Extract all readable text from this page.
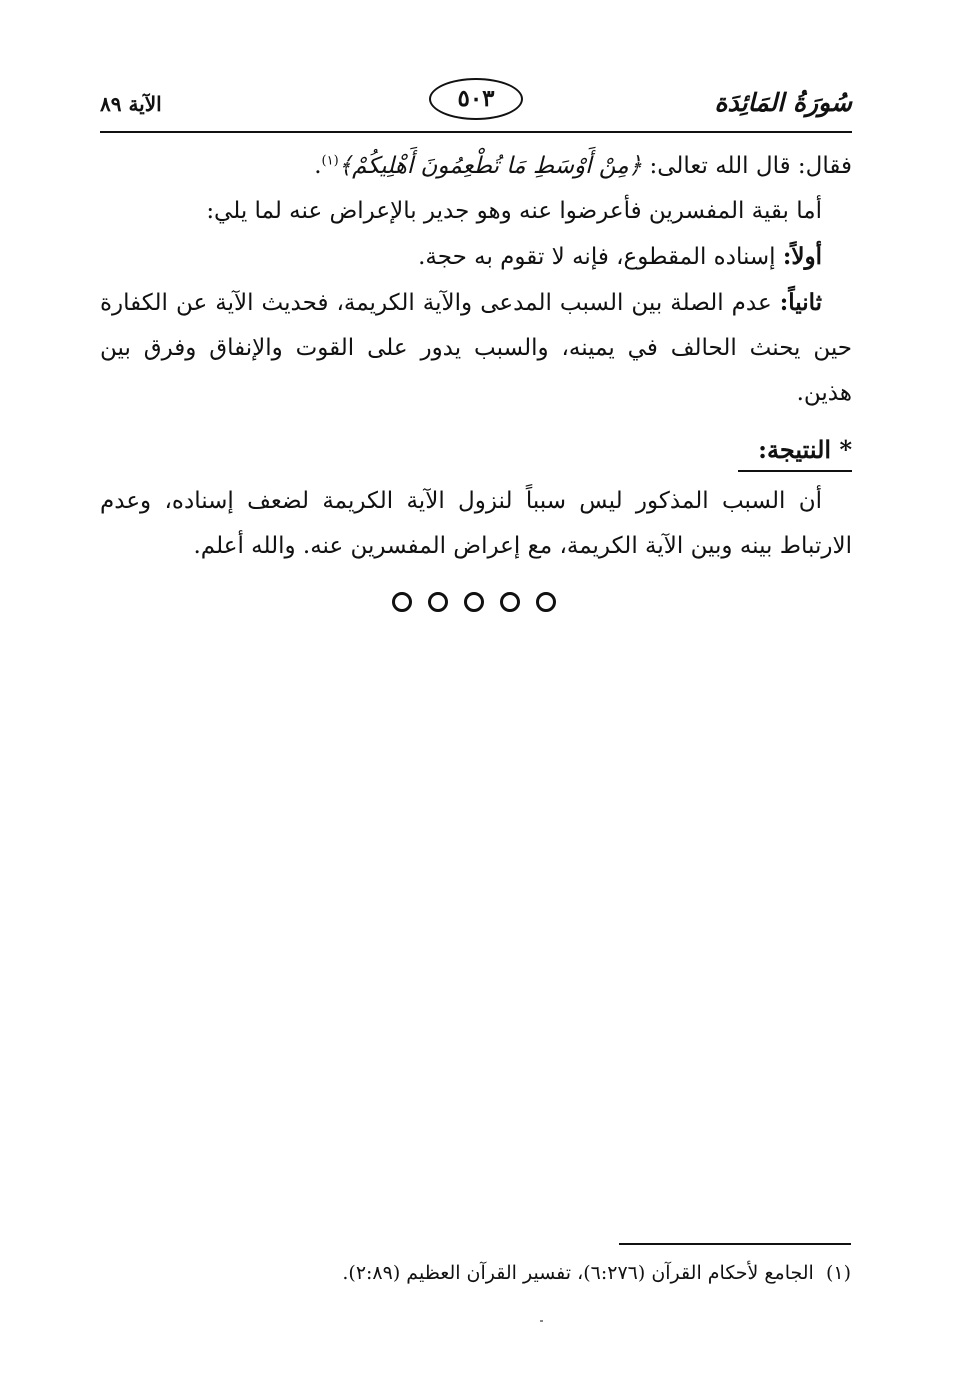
سُورَةُ المَائِدَة
٥٠٣
الآية ٨٩

فقال: قال الله تعالى: ﴿مِنْ أَوْسَطِ مَا تُطْعِمُونَ أَهْلِيكُمْ﴾$^{(١)}$.

أما بقية المفسرين فأعرضوا عنه وهو جدير بالإعراض عنه لما يلي:

أولاً: إسناده المقطوع، فإنه لا تقوم به حجة.

ثانياً: عدم الصلة بين السبب المدعى والآية الكريمة، فحديث الآية عن الكفارة حين يحنث الحالف في يمينه، والسبب يدور على القوت والإنفاق وفرق بين هذين.

* النتيجة:

أن السبب المذكور ليس سبباً لنزول الآية الكريمة لضعف إسناده، وعدم الارتباط بينه وبين الآية الكريمة، مع إعراض المفسرين عنه. والله أعلم.

(١)  الجامع لأحكام القرآن (٦:٢٧٦)، تفسير القرآن العظيم (٢:٨٩).
